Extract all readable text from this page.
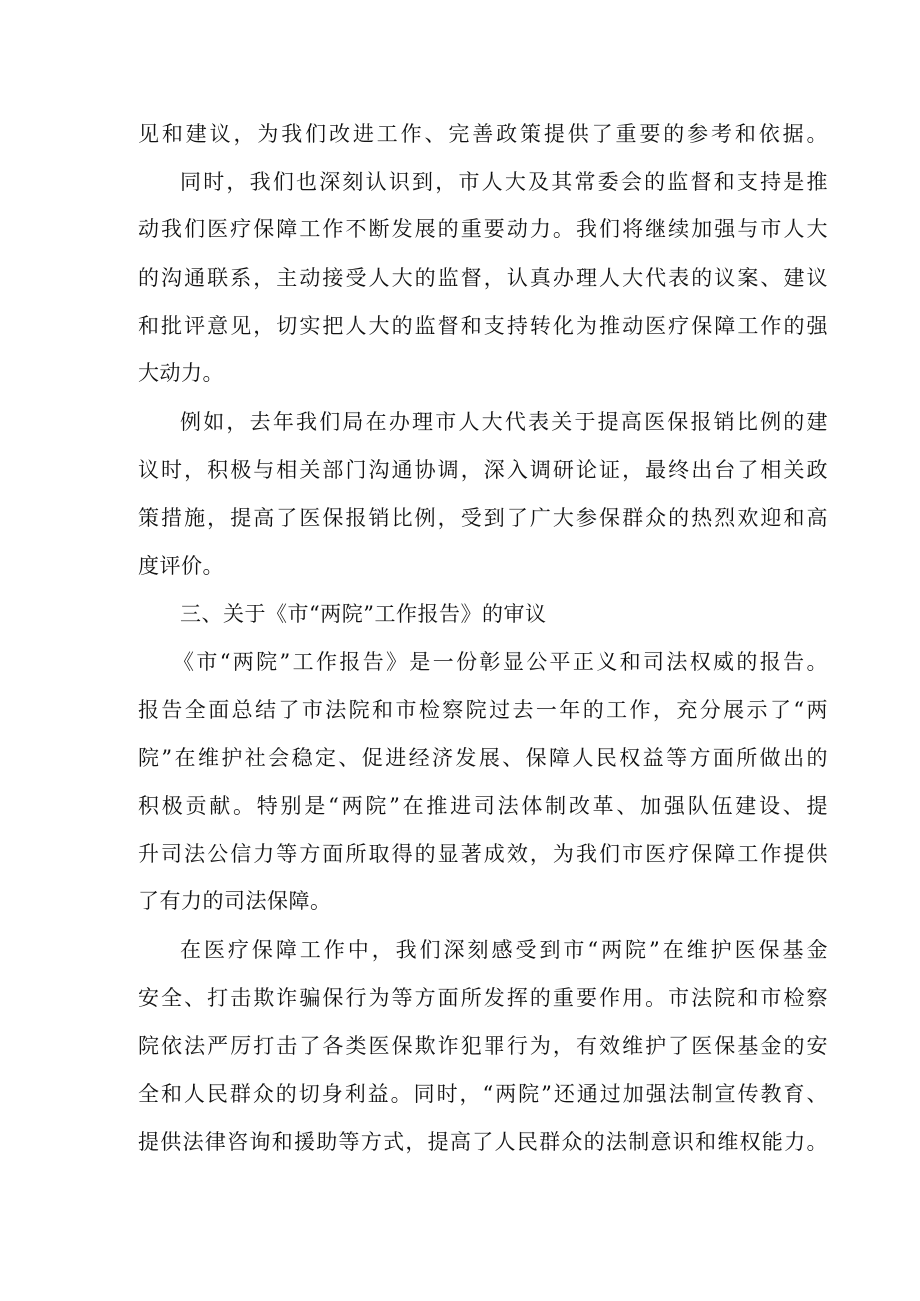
见和建议，为我们改进工作、完善政策提供了重要的参考和依据。
同时，我们也深刻认识到，市人大及其常委会的监督和支持是推
动我们医疗保障工作不断发展的重要动力。我们将继续加强与市人大
的沟通联系，主动接受人大的监督，认真办理人大代表的议案、建议
和批评意见，切实把人大的监督和支持转化为推动医疗保障工作的强
大动力。
例如，去年我们局在办理市人大代表关于提高医保报销比例的建
议时，积极与相关部门沟通协调，深入调研论证，最终出台了相关政
策措施，提高了医保报销比例，受到了广大参保群众的热烈欢迎和高
度评价。
三、关于《市“两院”工作报告》的审议
《市“两院”工作报告》是一份彰显公平正义和司法权威的报告。
报告全面总结了市法院和市检察院过去一年的工作，充分展示了“两
院”在维护社会稳定、促进经济发展、保障人民权益等方面所做出的
积极贡献。特别是“两院”在推进司法体制改革、加强队伍建设、提
升司法公信力等方面所取得的显著成效，为我们市医疗保障工作提供
了有力的司法保障。
在医疗保障工作中，我们深刻感受到市“两院”在维护医保基金
安全、打击欺诈骗保行为等方面所发挥的重要作用。市法院和市检察
院依法严厉打击了各类医保欺诈犯罪行为，有效维护了医保基金的安
全和人民群众的切身利益。同时，“两院”还通过加强法制宣传教育、
提供法律咨询和援助等方式，提高了人民群众的法制意识和维权能力。
